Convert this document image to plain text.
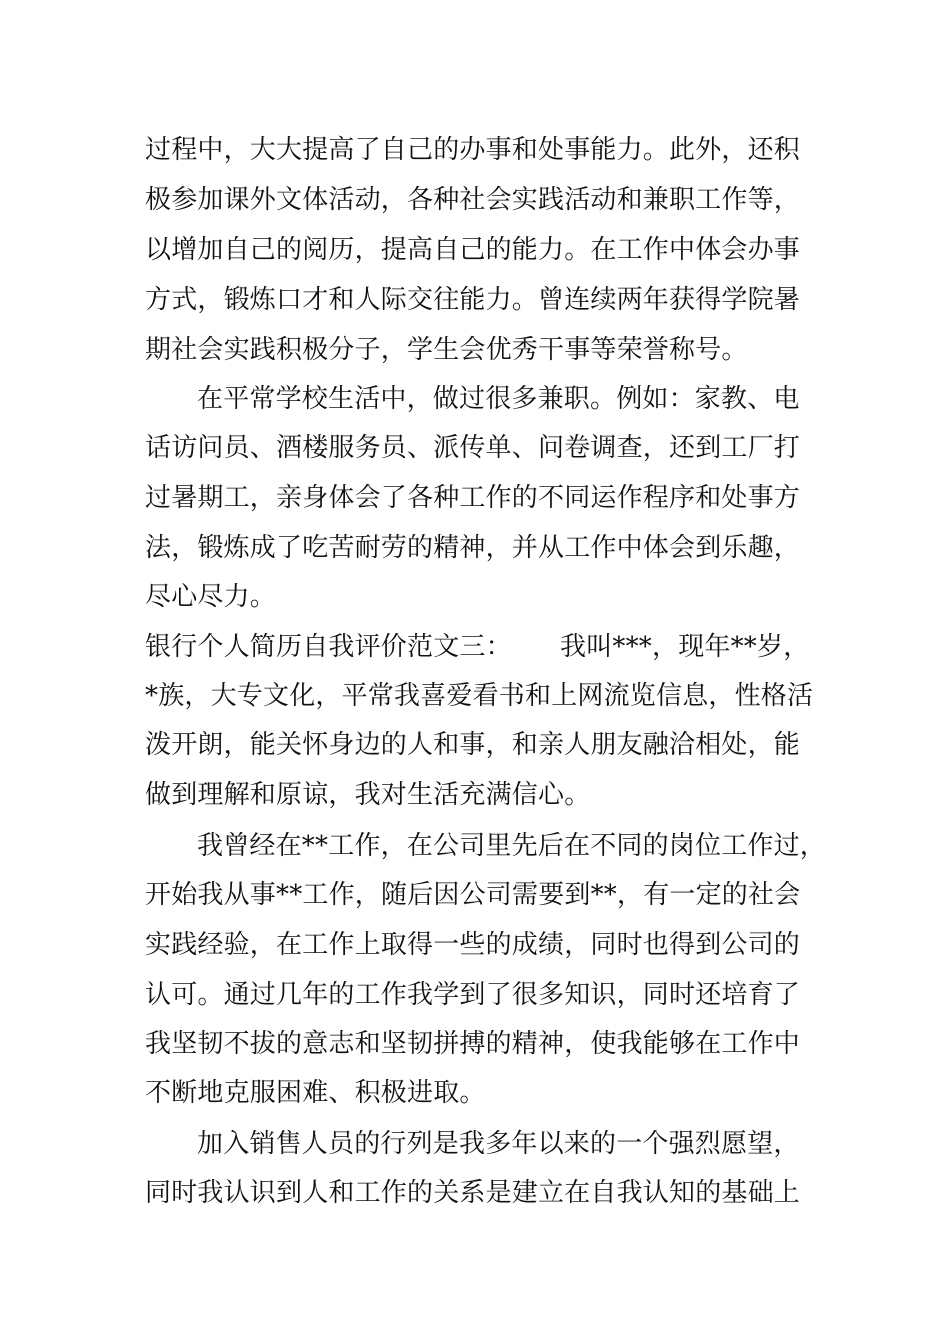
过程中，大大提高了自己的办事和处事能力。此外，还积
极参加课外文体活动，各种社会实践活动和兼职工作等，
以增加自己的阅历，提高自己的能力。在工作中体会办事
方式，锻炼口才和人际交往能力。曾连续两年获得学院暑
期社会实践积极分子，学生会优秀干事等荣誉称号。
在平常学校生活中，做过很多兼职。例如：家教、电
话访问员、酒楼服务员、派传单、问卷调查，还到工厂打
过暑期工，亲身体会了各种工作的不同运作程序和处事方
法，锻炼成了吃苦耐劳的精神，并从工作中体会到乐趣，
尽心尽力。
银行个人简历自我评价范文三： 我叫***，现年**岁，
*族，大专文化，平常我喜爱看书和上网流览信息，性格活
泼开朗，能关怀身边的人和事，和亲人朋友融洽相处，能
做到理解和原谅，我对生活充满信心。
我曾经在**工作，在公司里先后在不同的岗位工作过，
开始我从事**工作，随后因公司需要到**，有一定的社会
实践经验，在工作上取得一些的成绩，同时也得到公司的
认可。通过几年的工作我学到了很多知识，同时还培育了
我坚韧不拔的意志和坚韧拼搏的精神，使我能够在工作中
不断地克服困难、积极进取。
加入销售人员的行列是我多年以来的一个强烈愿望，
同时我认识到人和工作的关系是建立在自我认知的基础上
